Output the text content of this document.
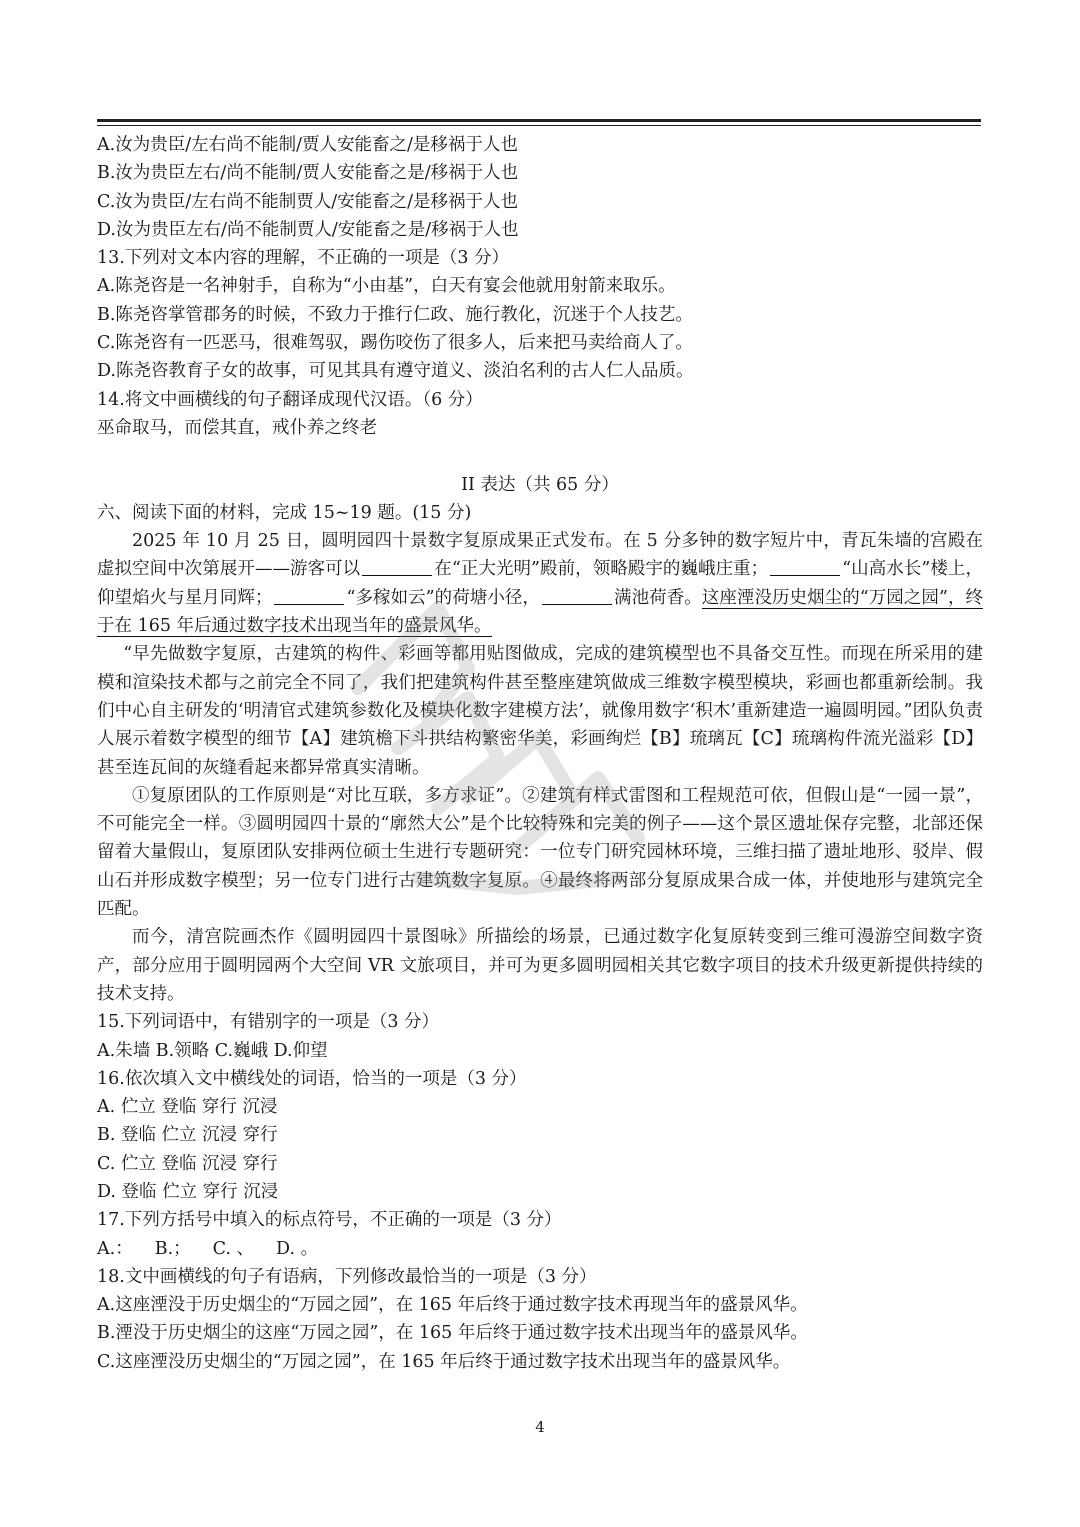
A.汝为贵臣/左右尚不能制/贾人安能畜之/是移祸于人也
B.汝为贵臣左右/尚不能制/贾人安能畜之是/移祸于人也
C.汝为贵臣/左右尚不能制贾人/安能畜之/是移祸于人也
D.汝为贵臣左右/尚不能制贾人/安能畜之是/移祸于人也
13.下列对文本内容的理解，不正确的一项是（3 分）
A.陈尧咨是一名神射手，自称为“小由基”，白天有宴会他就用射箭来取乐。
B.陈尧咨掌管郡务的时候，不致力于推行仁政、施行教化，沉迷于个人技艺。
C.陈尧咨有一匹恶马，很难驾驭，踢伤咬伤了很多人，后来把马卖给商人了。
D.陈尧咨教育子女的故事，可见其具有遵守道义、淡泊名利的古人仁人品质。
14.将文中画横线的句子翻译成现代汉语。（6 分）
巫命取马，而偿其直，戒仆养之终老
II 表达（共 65 分）
六、阅读下面的材料，完成 15~19 题。(15 分)
2025 年 10 月 25 日，圆明园四十景数字复原成果正式发布。在 5 分多钟的数字短片中，青瓦朱墙的宫殿在虚拟空间中次第展开——游客可以	在“正大光明”殿前，领略殿宇的巍峨庄重；	“山高水长”楼上，仰望焰火与星月同辉；	“多稼如云”的荷塘小径，	满池荷香。这座湮没历史烟尘的“万园之园”，终于在 165 年后通过数字技术出现当年的盛景风华。
“早先做数字复原，古建筑的构件、彩画等都用贴图做成，完成的建筑模型也不具备交互性。而现在所采用的建模和渲染技术都与之前完全不同了，我们把建筑构件甚至整座建筑做成三维数字模型模块，彩画也都重新绘制。我们中心自主研发的‘明清官式建筑参数化及模块化数字建模方法’，就像用数字‘积木’重新建造一遍圆明园。”团队负责人展示着数字模型的细节【A】建筑檐下斗拱结构繁密华美，彩画绚烂【B】琉璃瓦【C】琉璃构件流光溢彩【D】甚至连瓦间的灰缝看起来都异常真实清晰。
①复原团队的工作原则是“对比互联，多方求证”。②建筑有样式雷图和工程规范可依，但假山是“一园一景”，不可能完全一样。③圆明园四十景的“廓然大公”是个比较特殊和完美的例子——这个景区遗址保存完整，北部还保留着大量假山，复原团队安排两位硕士生进行专题研究：一位专门研究园林环境，三维扫描了遗址地形、驳岸、假山石并形成数字模型；另一位专门进行古建筑数字复原。④最终将两部分复原成果合成一体，并使地形与建筑完全匹配。
而今，清宫院画杰作《圆明园四十景图咏》所描绘的场景，已通过数字化复原转变到三维可漫游空间数字资产，部分应用于圆明园两个大空间 VR 文旅项目，并可为更多圆明园相关其它数字项目的技术升级更新提供持续的技术支持。
15.下列词语中，有错别字的一项是（3 分）
A.朱墙 B.领略 C.巍峨 D.仰望
16.依次填入文中横线处的词语，恰当的一项是（3 分）
A. 伫立 登临 穿行 沉浸
B. 登临 伫立 沉浸 穿行
C. 伫立 登临 沉浸 穿行
D. 登临 伫立 穿行 沉浸
17.下列方括号中填入的标点符号，不正确的一项是（3 分）
A.： B.； C. 、 D. 。
18.文中画横线的句子有语病，下列修改最恰当的一项是（3 分）
A.这座湮没于历史烟尘的“万园之园”，在 165 年后终于通过数字技术再现当年的盛景风华。
B.湮没于历史烟尘的这座“万园之园”，在 165 年后终于通过数字技术出现当年的盛景风华。
C.这座湮没历史烟尘的“万园之园”，在 165 年后终于通过数字技术出现当年的盛景风华。
4
